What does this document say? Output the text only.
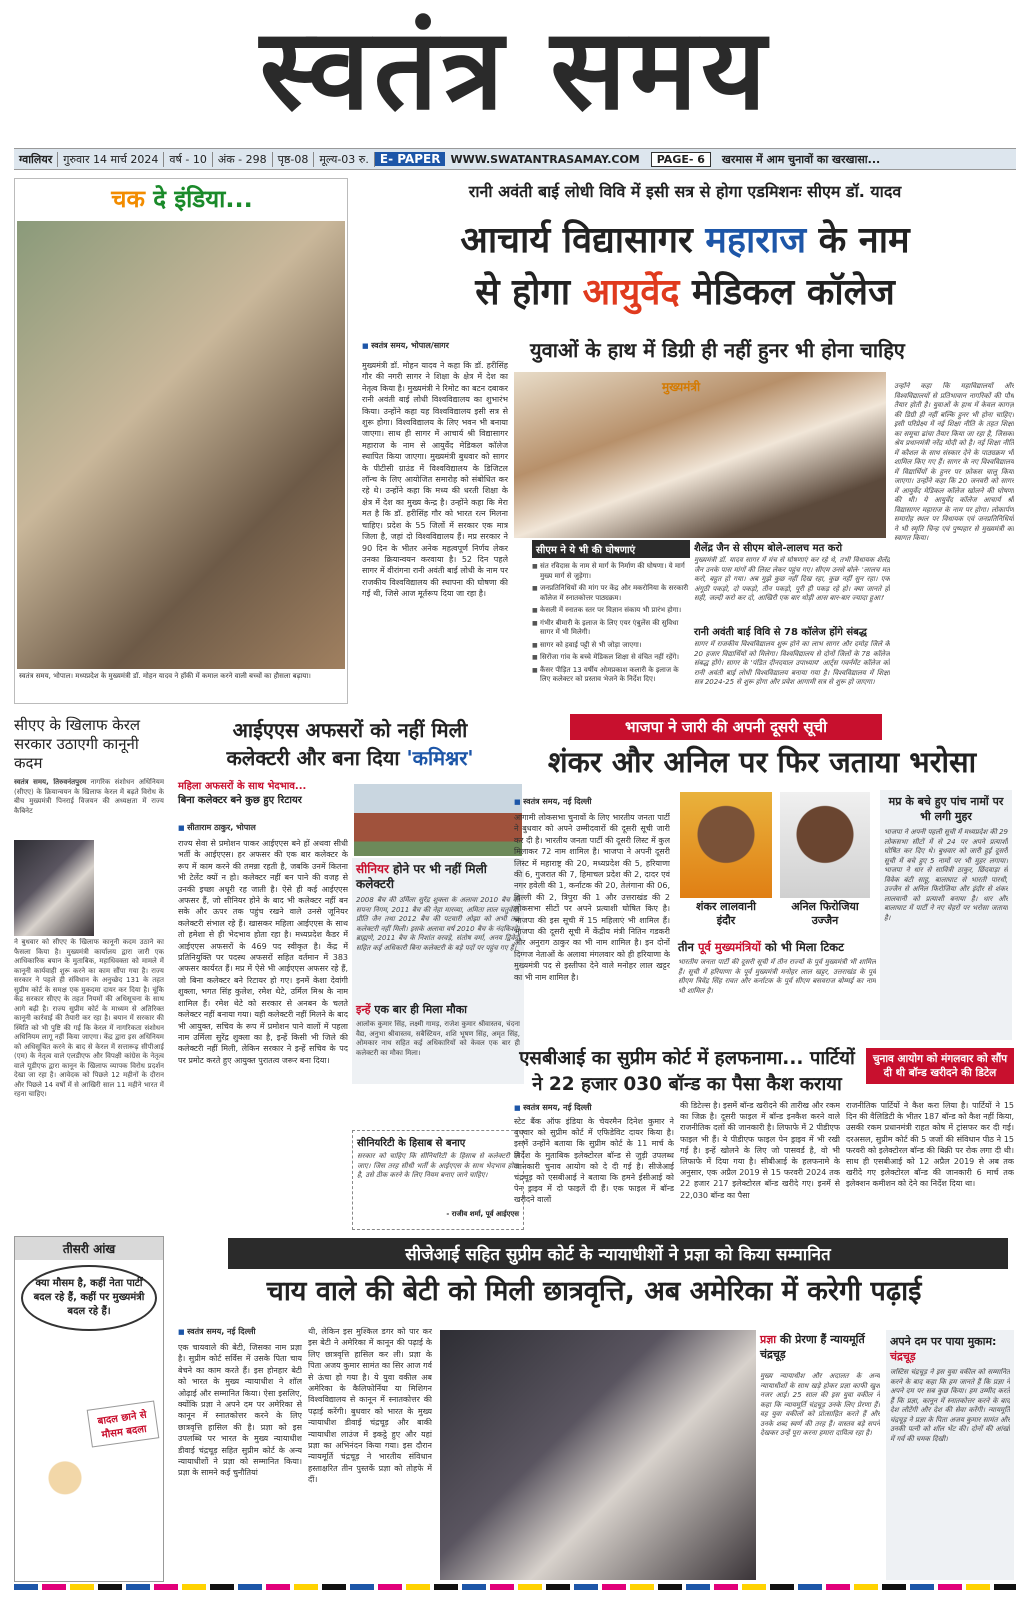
स्वतंत्र समय
ग्वालियर	गुरुवार 14 मार्च 2024	वर्ष - 10	अंक - 298	पृष्ठ-08	मूल्य-03 रु. E- PAPER WWW.SWATANTRASAMAY.COM	PAGE- 6	खरमास में आम चुनावों का खरखासा...
चक दे इंडिया...
स्वतंत्र समय, भोपाल। मध्यप्रदेश के मुख्यमंत्री डॉ. मोहन यादव ने हॉकी में कमाल करने वाली बच्चों का हौसला बढ़ाया।
रानी अवंती बाई लोधी विवि में इसी सत्र से होगा एडमिशनः सीएम डॉ. यादव
आचार्य विद्यासागर महाराज के नाम
से होगा आयुर्वेद मेडिकल कॉलेज
■ स्वतंत्र समय, भोपाल/सागर	युवाओं के हाथ में डिग्री ही नहीं हुनर भी होना चाहिए
मुख्यमंत्री डॉ. मोहन यादव ने कहा कि डॉ. हरीसिंह गौर की नगरी सागर ने शिक्षा के क्षेत्र में देश का नेतृत्व किया है। मुख्यमंत्री ने रिमोट का बटन दबाकर रानी अवंती बाई लोधी विश्वविद्यालय का शुभारंभ किया। उन्होंने कहा यह विश्वविद्यालय इसी सत्र से शुरू होगा। विश्वविद्यालय के लिए भवन भी बनाया जाएगा। साथ ही सागर में आचार्य श्री विद्यासागर महाराज के नाम से आयुर्वेद मेडिकल कॉलेज स्थापित किया जाएगा। मुख्यमंत्री बुधवार को सागर के पीटीसी ग्राउंड में विश्वविद्यालय के डिजिटल लॉन्च के लिए आयोजित समारोह को संबोधित कर रहे थे। उन्होंने कहा कि मध्य की धरती शिक्षा के क्षेत्र में देश का मुख्य केन्द्र है। उन्होंने कहा कि मेरा मत है कि डॉ. हरीसिंह गौर को भारत रत्न मिलना चाहिए। प्रदेश के 55 जिलों में सरकार एक मात्र जिला है, जहां दो विश्वविद्यालय हैं। मप्र सरकार ने 90 दिन के भीतर अनेक महत्वपूर्ण निर्णय लेकर उनका क्रियान्वयन करवाया है। 52 दिन पहले सागर में वीरांगना रानी अवंती बाई लोधी के नाम पर राजकीय विश्वविद्यालय की स्थापना की घोषणा की गई थी, जिसे आज मूर्तरूप दिया जा रहा है।
मुख्यमंत्री
सीएम ने ये भी की घोषणाएं
■ संत रविदास के नाम से मार्ग के निर्माण की घोषणा। ये मार्ग मुख्य मार्ग से जुड़ेगा।
■ जनप्रतिनिधियों की मांग पर केंद्र और मकरोनिया के सरकारी कॉलेज में स्नातकोत्तर पाठ्यक्रम।
■ केसली में स्नातक स्तर पर विज्ञान संकाय भी प्रारंभ होगा।
■ गंभीर बीमारी के इलाज के लिए एयर एंबुलेंस की सुविधा सागर में भी मिलेगी।
■ सागर को हवाई पट्टी से भी जोड़ा जाएगा।
■ सिरोंजा गांव के बच्चे मेडिकल शिक्षा से वंचित नहीं रहेंगे।
■ कैंसर पीड़ित 13 वर्षीय ओमप्रकाश कलारी के इलाज के लिए कलेक्टर को प्रस्ताव भेजने के निर्देश दिए।
शैलेंद्र जैन से सीएम बोले-लालच मत करो
मुख्यमंत्री डॉ. यादव सागर में मंच से घोषणाएं कर रहे थे, तभी विधायक शैलेंद्र जैन उनके पास मांगों की लिस्ट लेकर पहुंच गए। सीएम उनसे बोले- 'लालच मत करो, बहुत हो गया। अब मुझे कुछ नहीं दिख रहा, कुछ नहीं सुन रहा। एक अंगूठी पकड़ो, दो पकड़ो, तीन पकड़ो, पूरी ही पकड़ रहे हो। क्या जानते हो सही, जल्दी करो कर दो, आखिरी एक बार थोड़ी आस बार-बार ज्यादा हुआ।'
रानी अवंती बाई विवि से 78 कॉलेज होंगे संबद्ध
सागर में राजकीय विश्वविद्यालय शुरू होने का लाभ सागर और दमोह जिले के 20 हजार विद्यार्थियों को मिलेगा। विश्वविद्यालय से दोनों जिलों के 78 कॉलेज संबद्ध होंगे। सागर के 'पंडित दीनदयाल उपाध्याय' आर्ट्स गवर्नमेंट कॉलेज को रानी अवंती बाई लोधी विश्वविद्यालय बनाया गया है। विश्वविद्यालय में शिक्षा सत्र 2024-25 से शुरू होगा और प्रवेश आगामी सत्र से शुरू हो जाएगा।
उन्होंने कहा कि महाविद्यालयों और विश्वविद्यालयों से प्रतिभावान नागरिकों की पौध तैयार होती है। युवाओं के हाथ में केवल कागज़ की डिग्री ही नहीं बल्कि हुनर भी होना चाहिए। इसी परिप्रेक्ष्य में नई शिक्षा नीति के तहत शिक्षा का समूचा ढांचा तैयार किया जा रहा है, जिसका श्रेय प्रधानमंत्री नरेंद्र मोदी को है। नई शिक्षा नीति में कौशल के साथ संस्कार देने के पाठ्यक्रम भी शामिल किए गए हैं। सागर के नए विश्वविद्यालय में विद्यार्थियों के हुनर पर फ़ोकस चालू किया जाएगा। उन्होंने कहा कि 20 जनवरी को सागर में आयुर्वेद मेडिकल कॉलेज खोलने की घोषणा की थी। ये आयुर्वेद कॉलेज आचार्य श्री विद्यासागर महाराज के नाम पर होगा। लोकार्पण समारोह स्थल पर विधायक एवं जनप्रतिनिधियों ने भी स्मृति चिन्ह एवं पुष्पहार से मुख्यमंत्री का स्वागत किया।
सीएए के खिलाफ केरल सरकार उठाएगी कानूनी कदम
स्वतंत्र समय, तिरुवनंतपुरम नागरिक संशोधन अधिनियम (सीएए) के क्रियान्वयन के खिलाफ केरल में बढ़ते विरोध के बीच मुख्यमंत्री पिनराई विजयन की अध्यक्षता में राज्य कैबिनेट
ने बुधवार को सीएए के खिलाफ कानूनी कदम उठाने का फैसला किया है। मुख्यमंत्री कार्यालय द्वारा जारी एक आधिकारिक बयान के मुताबिक, महाधिवक्ता को मामले में कानूनी कार्यवाही शुरू करने का काम सौंपा गया है। राज्य सरकार ने पहले ही संविधान के अनुच्छेद 131 के तहत सुप्रीम कोर्ट के समक्ष एक मुकदमा दायर कर दिया है। चूंकि केंद्र सरकार सीएए के तहत नियमों की अधिसूचना के साथ आगे बढ़ी है। राज्य सुप्रीम कोर्ट के माध्यम से अतिरिक्त कानूनी कार्रवाई की तैयारी कर रहा है। बयान में सरकार की स्थिति को भी पुष्टि की गई कि केरल में नागरिकता संशोधन अधिनियम लागू नहीं किया जाएगा। केंद्र द्वारा इस अधिनियम को अधिसूचित करने के बाद से केरल में सत्तारूढ़ सीपीआई (एम) के नेतृत्व वाले एलडीएफ और विपक्षी कांग्रेस के नेतृत्व वाले यूडीएफ द्वारा कानून के खिलाफ व्यापक विरोध प्रदर्शन देखा जा रहा है। आवेदक को पिछले 12 महीनों के दौरान और पिछले 14 वर्षों में से आखिरी साल 11 महीने भारत में रहना चाहिए।
तीसरी आंख
क्या मौसम है, कहीं नेता पार्टी बदल रहे हैं, कहीं पर मुख्यमंत्री बदल रहे हैं।
बादल छाने से मौसम बदला
आईएएस अफसरों को नहीं मिली
कलेक्टरी और बना दिया 'कमिश्नर'
महिला अफसरों के साथ भेदभाव...
बिना कलेक्टर बने कुछ हुए रिटायर
■ सीताराम ठाकुर, भोपाल
राज्य सेवा से प्रमोशन पाकर आईएएस बने हों अथवा सीधी भर्ती के आईएएस। हर अफसर की एक बार कलेक्टर के रूप में काम करने की तमन्ना रहती है, जबकि उनमें कितना भी टेलेंट क्यों न हो। कलेक्टर नहीं बन पाने की वजह से उनकी इच्छा अधूरी रह जाती है। ऐसे ही कई आईएएस अफसर हैं, जो सीनियर होने के बाद भी कलेक्टर नहीं बन सके और ऊपर तक पहुंच रखने वाले उनसे जूनियर कलेक्टरी संभाल रहे हैं। खासकर महिला आईएएस के साथ तो हमेशा से ही भेदभाव होता रहा है। मध्यप्रदेश कैडर में आईएएस अफसरों के 469 पद स्वीकृत है। केंद्र में प्रतिनियुक्ति पर पदस्थ अफसरों सहित वर्तमान में 383 अफसर कार्यरत हैं। मप्र में ऐसे भी आईएएस अफसर रहे हैं, जो बिना कलेक्टर बने रिटायर हो गए। इनमें केशा देवांगी शुक्ला, भगत सिंह कुलेश, रमेश थेटे, उर्मिल मिश्र के नाम शामिल हैं। रमेश थेटे को सरकार से अनबन के चलते कलेक्टर नहीं बनाया गया। यही कलेक्टरी नहीं मिलने के बाद भी आयुक्त, सचिव के रूप में प्रमोशन पाने वालों में पहला नाम उर्मिला सुरेंद्र शुक्ला का है, इन्हें किसी भी जिले की कलेक्टरी नहीं मिली, लेकिन सरकार ने इन्हें सचिव के पद पर प्रमोट करते हुए आयुक्त पुरातत्व जरूर बना दिया।
सीनियर होने पर भी नहीं मिली कलेक्टरी
2008 बैच की उर्मिला सुरेंद्र शुक्ला के अलावा 2010 बैच की सपना निगम, 2011 बैच की नेहा मारव्या, अमिता लाल चतुर्वेदी, प्रीति जैन तथा 2012 बैच की पटवारी ओझा को अभी तक कलेक्टरी नहीं मिली। इसके अलावा वर्ष 2010 बैच के नंदकिशोर ब्राह्मणे, 2011 बैच के निशांत वरवड़े, संतोष वर्मा, अनय द्विवेदी सहित कई अधिकारी बिना कलेक्टरी के बड़े पदों पर पहुंच गए हैं।
इन्हें एक बार ही मिला मौका
आलोक कुमार सिंह, लक्ष्मी गामड़, राजेश कुमार श्रीवास्तव, चंदना वैद्य, अनुभा श्रीवास्तव, सबैस्टियन, शशि भूषण सिंह, अमृत सिंह, ओमकार नाथ सहित कई अधिकारियों को केवल एक बार ही कलेक्टरी का मौका मिला।
सीनियरिटी के हिसाब से बनाए
सरकार को चाहिए कि सीनियरिटी के हिसाब से कलेक्टरी दी जाए। जिस तरह सीधी भर्ती के आईएएस के साथ भेदभाव होता है, उसे ठीक करने के लिए नियम बनाए जाने चाहिए।
- राजीव शर्मा, पूर्व आईएएस
भाजपा ने जारी की अपनी दूसरी सूची
शंकर और अनिल पर फिर जताया भरोसा
■ स्वतंत्र समय, नई दिल्ली
आगामी लोकसभा चुनावों के लिए भारतीय जनता पार्टी ने बुधवार को अपने उम्मीदवारों की दूसरी सूची जारी कर दी है। भारतीय जनता पार्टी की दूसरी लिस्ट में कुल मिलाकर 72 नाम शामिल है। भाजपा ने अपनी दूसरी लिस्ट में महाराष्ट्र की 20, मध्यप्रदेश की 5, हरियाणा की 6, गुजरात की 7, हिमाचल प्रदेश की 2, दादर एवं नगर हवेली की 1, कर्नाटक की 20, तेलंगाना की 06, दिल्ली की 2, त्रिपुरा की 1 और उत्तराखंड की 2 लोकसभा सीटों पर अपने प्रत्याशी घोषित किए है। भाजपा की इस सूची में 15 महिलाएं भी शामिल हैं। भाजपा की दूसरी सूची में केंद्रीय मंत्री नितिन गडकरी और अनुराग ठाकुर का भी नाम शामिल है। इन दोनों दिग्गज नेताओं के अलावा मंगलवार को ही हरियाणा के मुख्यमंत्री पद से इस्तीफा देने वाले मनोहर लाल खट्टर का भी नाम शामिल है।
शंकर लालवानी
इंदौर
अनिल फिरोजिया
उज्जैन
तीन पूर्व मुख्यमंत्रियों को भी मिला टिकट
भारतीय जनता पार्टी की दूसरी सूची में तीन राज्यों के पूर्व मुख्यमंत्री भी शामिल हैं। सूची में हरियाणा के पूर्व मुख्यमंत्री मनोहर लाल खट्टर, उत्तराखंड के पूर्व सीएम त्रिवेंद्र सिंह रावत और कर्नाटक के पूर्व सीएम बसवराज बोम्मई का नाम भी शामिल है।
मप्र के बचे हुए पांच नामों पर भी लगी मुहर
भाजपा ने अपनी पहली सूची में मध्यप्रदेश की 29 लोकसभा सीटों में से 24 पर अपने प्रत्याशी घोषित कर दिए थे। बुधवार को जारी हुई दूसरी सूची में बचे हुए 5 नामों पर भी मुहर लगाया। भाजपा ने धार से सावित्री ठाकुर, छिंदवाड़ा से विवेक बंटी साहू, बालाघाट से भारती पारधी, उज्जैन से अनिल फिरोजिया और इंदौर से शंकर लालवानी को प्रत्याशी बनाया है। धार और बालाघाट में पार्टी ने नए चेहरों पर भरोसा जताया है।
एसबीआई का सुप्रीम कोर्ट में हलफनामा... पार्टियों
ने 22 हजार 030 बॉन्ड का पैसा कैश कराया
चुनाव आयोग को मंगलवार को सौंप दी थी बॉन्ड खरीदने की डिटेल
■ स्वतंत्र समय, नई दिल्ली
स्टेट बैंक ऑफ इंडिया के चेयरमैन दिनेश कुमार ने बुधवार को सुप्रीम कोर्ट में एफिडेविट दायर किया है। इसमें उन्होंने बताया कि सुप्रीम कोर्ट के 11 मार्च के निर्देश के मुताबिक इलेक्टोरल बॉन्ड से जुड़ी उपलब्ध जानकारी चुनाव आयोग को दे दी गई है। सीजेआई चंद्रचूड़ को एसबीआई ने बताया कि हमने ईसीआई को पेन ड्राइव में दो फाइलें दी हैं। एक फाइल में बॉन्ड खरीदने वालों
की डिटेल्स है। इसमें बॉन्ड खरीदने की तारीख और रकम का जिक्र है। दूसरी फाइल में बॉन्ड इनकैश करने वाले राजनीतिक दलों की जानकारी है। लिफाफे में 2 पीडीएफ फाइल भी हैं। ये पीडीएफ फाइल पेन ड्राइव में भी रखी गई है। इन्हें खोलने के लिए जो पासवर्ड है, वो भी लिफाफे में दिया गया है। सीबीआई के हलफनामे के अनुसार, एक अप्रैल 2019 से 15 फरवरी 2024 तक 22 हजार 217 इलेक्टोरल बॉन्ड खरीदे गए। इनमें से 22,030 बॉन्ड का पैसा
राजनीतिक पार्टियों ने कैश करा लिया है। पार्टियों ने 15 दिन की वैलिडिटी के भीतर 187 बॉन्ड को कैश नहीं किया, उसकी रकम प्रधानमंत्री राहत कोष में ट्रांसफर कर दी गई। दरअसल, सुप्रीम कोर्ट की 5 जजों की संविधान पीठ ने 15 फरवरी को इलेक्टोरल बॉन्ड की बिक्री पर रोक लगा दी थी। साथ ही एसबीआई को 12 अप्रैल 2019 से अब तक खरीदे गए इलेक्टोरल बॉन्ड की जानकारी 6 मार्च तक इलेक्शन कमीशन को देने का निर्देश दिया था।
सीजेआई सहित सुप्रीम कोर्ट के न्यायाधीशों ने प्रज्ञा को किया सम्मानित
चाय वाले की बेटी को मिली छात्रवृत्ति, अब अमेरिका में करेगी पढ़ाई
■ स्वतंत्र समय, नई दिल्ली
एक चायवाले की बेटी, जिसका नाम प्रज्ञा है। सुप्रीम कोर्ट सर्विस में उसके पिता चाय बेचने का काम करते हैं। इस होनहार बेटी को भारत के मुख्य न्यायाधीश ने शॉल ओढ़ाई और सम्मानित किया। ऐसा इसलिए, क्योंकि प्रज्ञा ने अपने दम पर अमेरिका से कानून में स्नातकोत्तर करने के लिए छात्रवृत्ति हासिल की है। प्रज्ञा को इस उपलब्धि पर भारत के मुख्य न्यायाधीश डीवाई चंद्रचूड़ सहित सुप्रीम कोर्ट के अन्य न्यायाधीशों ने प्रज्ञा को सम्मानित किया। प्रज्ञा के सामने कई चुनौतियां
थी, लेकिन इस मुश्किल डगर को पार कर इस बेटी ने अमेरिका में कानून की पढ़ाई के लिए छात्रवृत्ति हासिल कर ली। प्रज्ञा के पिता अजय कुमार सामंत का सिर आज गर्व से ऊंचा हो गया है। ये युवा वकील अब अमेरिका के कैलिफोर्निया या मिशिगन विश्वविद्यालय से कानून में स्नातकोत्तर की पढ़ाई करेंगी। बुधवार को भारत के मुख्य न्यायाधीश डीवाई चंद्रचूड़ और बाकी न्यायाधीश लाउंज में इकट्ठे हुए और यहां प्रज्ञा का अभिनंदन किया गया। इस दौरान न्यायमूर्ति चंद्रचूड़ ने भारतीय संविधान हस्ताक्षरित तीन पुस्तकें प्रज्ञा को तोहफे में दीं।
प्रज्ञा की प्रेरणा हैं न्यायमूर्ति चंद्रचूड़
मुख्य न्यायाधीश और अदालत के अन्य न्यायाधीशों के साथ खड़े होकर प्रज्ञा काफी खुश नजर आई। 25 साल की इस युवा वकील ने कहा कि न्यायमूर्ति चंद्रचूड़ उनके लिए प्रेरणा हैं। वह युवा वकीलों को प्रोत्साहित करते हैं और उनके शब्द स्वर्ण की तरह हैं। वास्तव बड़े सपने देखकर उन्हें पूरा करना हमारा दायित्व रहा है।
अपने दम पर पाया मुकाम: चंद्रचूड़
जस्टिस चंद्रचूड़ ने इस युवा वकील को सम्मानित करने के बाद कहा कि हम जानते हैं कि प्रज्ञा ने अपने दम पर सब कुछ किया। हम उम्मीद करते हैं कि प्रज्ञा, कानून में स्नातकोत्तर करने के बाद देश लौटेंगी और देश की सेवा करेंगी। न्यायमूर्ति चंद्रचूड़ ने प्रज्ञा के पिता अजय कुमार सामंत और उनकी पत्नी को शॉल भेंट की। दोनों की आंखों में गर्व की चमक दिखी।
